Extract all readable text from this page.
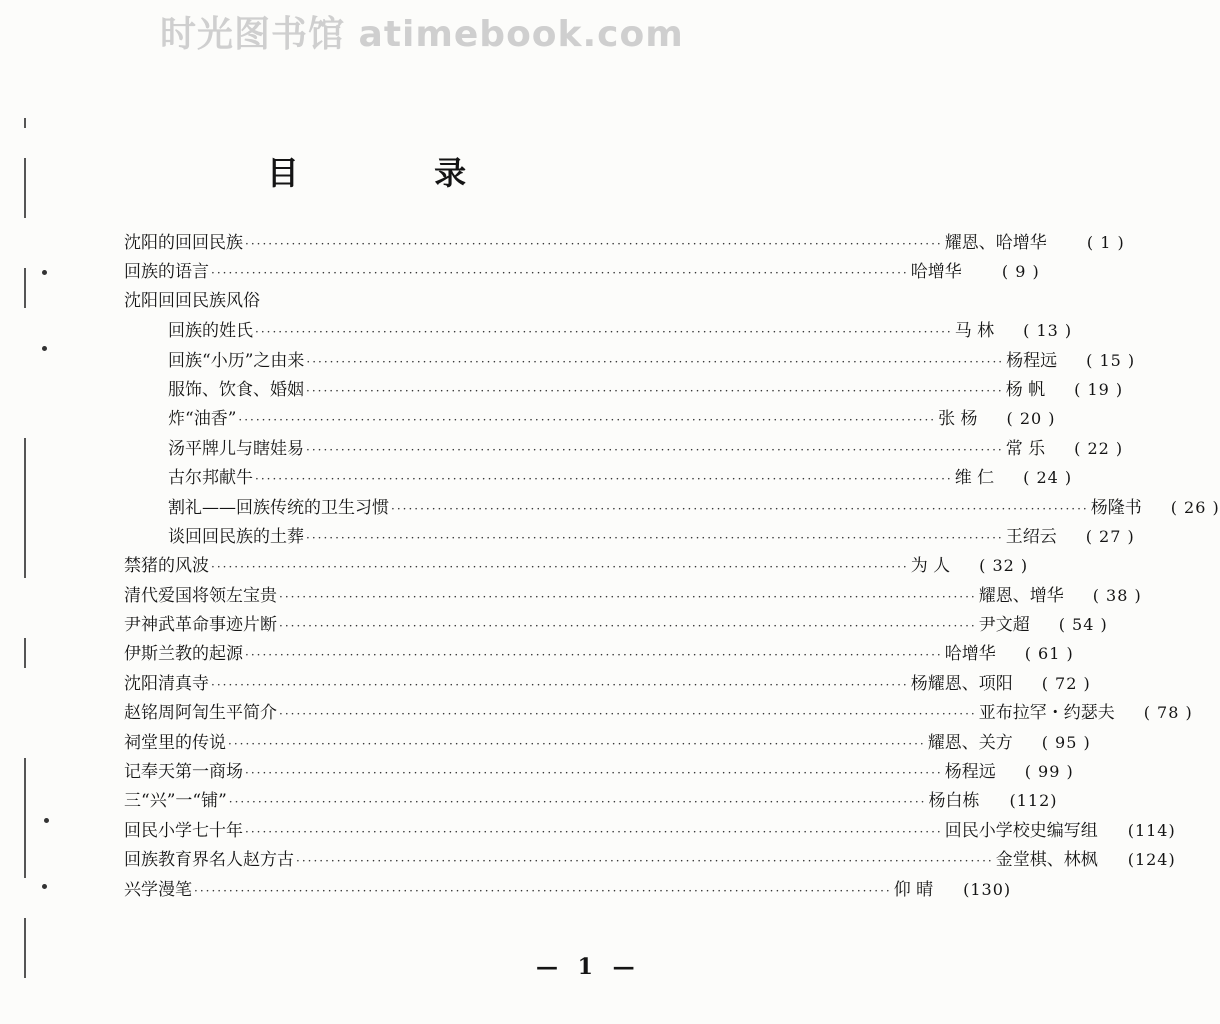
时光图书馆 atimebook.com
目 录
沈阳的回回民族 ························································································································ 耀恩、哈增华	( 1 )
回族的语言 ························································································································ 哈增华	( 9 )
沈阳回回民族风俗
回族的姓氏 ························································································································ 马 林	( 13 )
回族“小历”之由来 ························································································································ 杨程远	( 15 )
服饰、饮食、婚姻 ························································································································ 杨 帆	( 19 )
炸“油香” ························································································································ 张 杨	( 20 )
汤平牌儿与瞎娃易 ························································································································ 常 乐	( 22 )
古尔邦献牛 ························································································································ 维 仁	( 24 )
割礼——回族传统的卫生习惯 ························································································································ 杨隆书	( 26 )
谈回回民族的土葬 ························································································································ 王绍云	( 27 )
禁猪的风波 ························································································································ 为 人	( 32 )
清代爱国将领左宝贵 ························································································································ 耀恩、增华	( 38 )
尹神武革命事迹片断 ························································································································ 尹文超	( 54 )
伊斯兰教的起源 ························································································································ 哈增华	( 61 )
沈阳清真寺 ························································································································ 杨耀恩、项阳	( 72 )
赵铭周阿訇生平简介 ························································································································ 亚布拉罕・约瑟夫	( 78 )
祠堂里的传说 ························································································································ 耀恩、关方	( 95 )
记奉天第一商场 ························································································································ 杨程远	( 99 )
三“兴”一“铺” ························································································································ 杨白栋	(112)
回民小学七十年 ························································································································ 回民小学校史编写组	(114)
回族教育界名人赵方古 ························································································································ 金堂棋、林枫	(124)
兴学漫笔 ························································································································ 仰 晴	(130)
— 1 —
